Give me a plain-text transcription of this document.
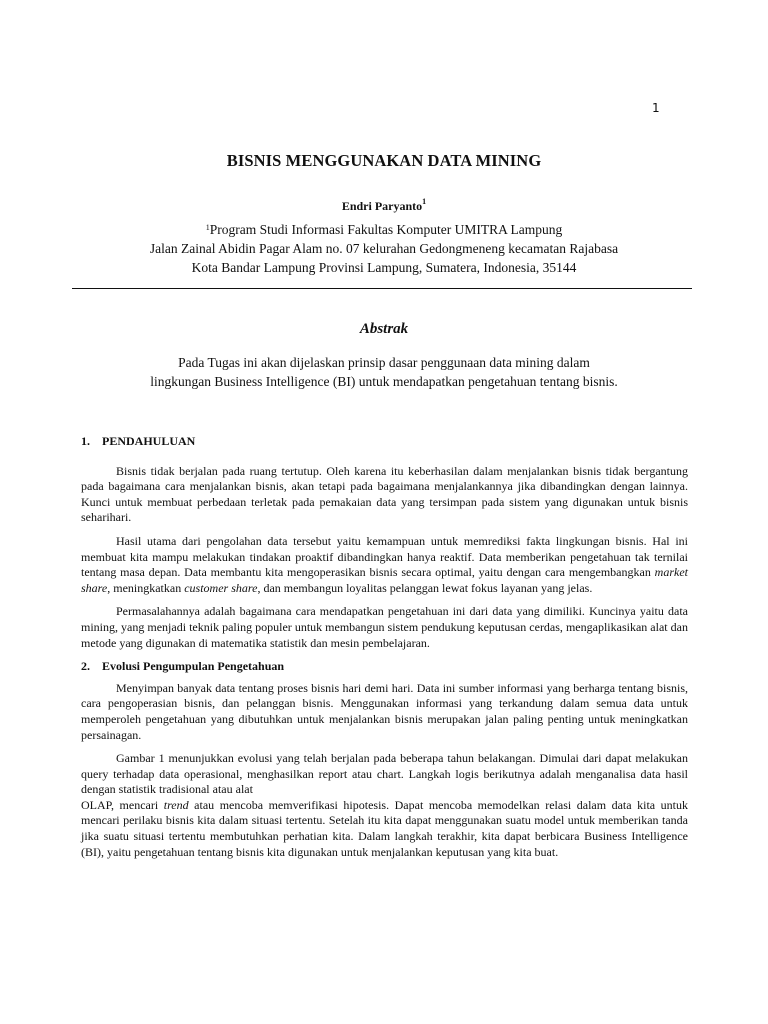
1
BISNIS MENGGUNAKAN DATA MINING
Endri Paryanto$^1$
$^1$Program Studi Informasi Fakultas Komputer UMITRA Lampung
Jalan Zainal Abidin Pagar Alam no. 07 kelurahan Gedongmeneng kecamatan Rajabasa
Kota Bandar Lampung Provinsi Lampung, Sumatera, Indonesia, 35144
Abstrak
Pada Tugas ini akan dijelaskan prinsip dasar penggunaan data mining dalam
lingkungan Business Intelligence (BI) untuk mendapatkan pengetahuan tentang bisnis.
1.    PENDAHULUAN

Bisnis tidak berjalan pada ruang tertutup. Oleh karena itu keberhasilan dalam menjalankan bisnis tidak bergantung pada bagaimana cara menjalankan bisnis, akan tetapi pada bagaimana menjalankannya jika dibandingkan dengan lainnya. Kunci untuk membuat perbedaan terletak pada pemakaian data yang tersimpan pada sistem yang digunakan untuk bisnis seharihari.

Hasil utama dari pengolahan data tersebut yaitu kemampuan untuk memrediksi fakta lingkungan bisnis. Hal ini membuat kita mampu melakukan tindakan proaktif dibandingkan hanya reaktif. Data memberikan pengetahuan tak ternilai tentang masa depan. Data membantu kita mengoperasikan bisnis secara optimal, yaitu dengan cara mengembangkan market share, meningkatkan customer share, dan membangun loyalitas pelanggan lewat fokus layanan yang jelas.

Permasalahannya adalah bagaimana cara mendapatkan pengetahuan ini dari data yang dimiliki. Kuncinya yaitu data mining, yang menjadi teknik paling populer untuk membangun sistem pendukung keputusan cerdas, mengaplikasikan alat dan metode yang digunakan di matematika statistik dan mesin pembelajaran.

2.    Evolusi Pengumpulan Pengetahuan

Menyimpan banyak data tentang proses bisnis hari demi hari. Data ini sumber informasi yang berharga tentang bisnis, cara pengoperasian bisnis, dan pelanggan bisnis. Menggunakan informasi yang terkandung dalam semua data untuk memperoleh pengetahuan yang dibutuhkan untuk menjalankan bisnis merupakan jalan paling penting untuk meningkatkan persainagan.

Gambar 1 menunjukkan evolusi yang telah berjalan pada beberapa tahun belakangan. Dimulai dari dapat melakukan query terhadap data operasional, menghasilkan report atau chart. Langkah logis berikutnya adalah menganalisa data hasil dengan statistik tradisional atau alat

OLAP, mencari trend atau mencoba memverifikasi hipotesis. Dapat mencoba memodelkan relasi dalam data kita untuk mencari perilaku bisnis kita dalam situasi tertentu. Setelah itu kita dapat menggunakan suatu model untuk memberikan tanda jika suatu situasi tertentu membutuhkan perhatian kita. Dalam langkah terakhir, kita dapat berbicara Business Intelligence (BI), yaitu pengetahuan tentang bisnis kita digunakan untuk menjalankan keputusan yang kita buat.
